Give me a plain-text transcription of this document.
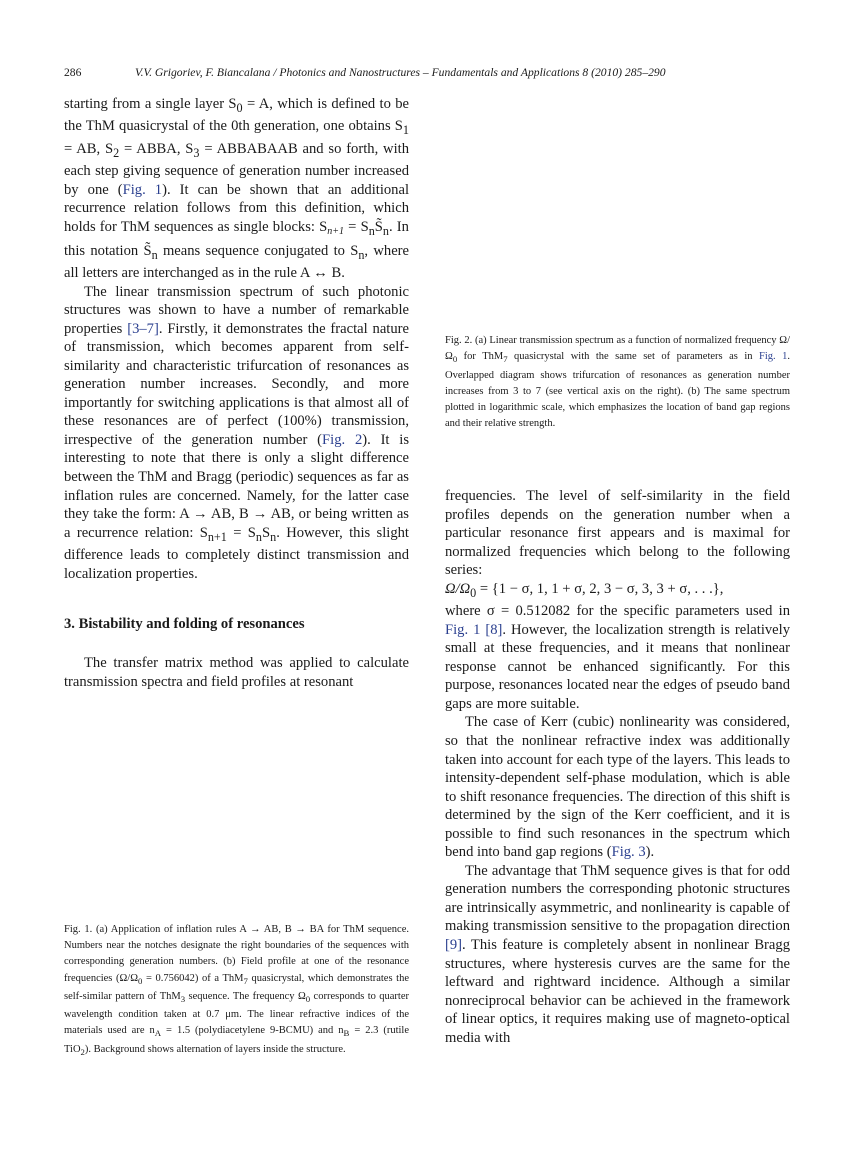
286	V.V. Grigoriev, F. Biancalana / Photonics and Nanostructures – Fundamentals and Applications 8 (2010) 285–290

starting from a single layer $S_0 = A$, which is defined to be the ThM quasicrystal of the 0th generation, one obtains $S_1$ = AB, $S_2$ = ABBA, $S_3$ = ABBABAAB and so forth, with each step giving sequence of generation number increased by one (Fig. 1). It can be shown that an additional recurrence relation follows from this definition, which holds for ThM sequences as single blocks: $S_{n+1}$ = $S_nS̃_n$. In this notation $S̃_n$ means sequence conjugated to $S_n$, where all letters are interchanged as in the rule A ↔ B.

The linear transmission spectrum of such photonic structures was shown to have a number of remarkable properties [3–7]. Firstly, it demonstrates the fractal nature of transmission, which becomes apparent from self-similarity and characteristic trifurcation of resonances as generation number increases. Secondly, and more importantly for switching applications is that almost all of these resonances are of perfect (100%) transmission, irrespective of the generation number (Fig. 2). It is interesting to note that there is only a slight difference between the ThM and Bragg (periodic) sequences as far as inflation rules are concerned. Namely, for the latter case they take the form: A → AB, B → AB, or being written as a recurrence relation: $S_{n+1} = S_nS_n$. However, this slight difference leads to completely distinct transmission and localization properties.

3. Bistability and folding of resonances

The transfer matrix method was applied to calculate transmission spectra and field profiles at resonant

Fig. 1. (a) Application of inflation rules A → AB, B → BA for ThM sequence. Numbers near the notches designate the right boundaries of the sequences with corresponding generation numbers. (b) Field profile at one of the resonance frequencies $(\Omega/\Omega_0 = 0.756042)$ of a ThM$_7$ quasicrystal, which demonstrates the self-similar pattern of ThM$_3$ sequence. The frequency $\Omega_0$ corresponds to quarter wavelength condition taken at 0.7 μm. The linear refractive indices of the materials used are $n_A = 1.5$ (polydiacetylene 9-BCMU) and $n_B = 2.3$ (rutile TiO$_2$). Background shows alternation of layers inside the structure.
Fig. 2. (a) Linear transmission spectrum as a function of normalized frequency $\Omega/\Omega_0$ for ThM$_7$ quasicrystal with the same set of parameters as in Fig. 1. Overlapped diagram shows trifurcation of resonances as generation number increases from 3 to 7 (see vertical axis on the right). (b) The same spectrum plotted in logarithmic scale, which emphasizes the location of band gap regions and their relative strength.

frequencies. The level of self-similarity in the field profiles depends on the generation number when a particular resonance first appears and is maximal for normalized frequencies which belong to the following series:
$\Omega/\Omega_0 = \{1 - \sigma$, 1, 1 + σ, 2, 3 − σ, 3, 3 + σ, . . .},
where σ = 0.512082 for the specific parameters used in Fig. 1 [8]. However, the localization strength is relatively small at these frequencies, and it means that nonlinear response cannot be enhanced significantly. For this purpose, resonances located near the edges of pseudo band gaps are more suitable.

The case of Kerr (cubic) nonlinearity was considered, so that the nonlinear refractive index was additionally taken into account for each type of the layers. This leads to intensity-dependent self-phase modulation, which is able to shift resonance frequencies. The direction of this shift is determined by the sign of the Kerr coefficient, and it is possible to find such resonances in the spectrum which bend into band gap regions (Fig. 3).

The advantage that ThM sequence gives is that for odd generation numbers the corresponding photonic structures are intrinsically asymmetric, and nonlinearity is capable of making transmission sensitive to the propagation direction [9]. This feature is completely absent in nonlinear Bragg structures, where hysteresis curves are the same for the leftward and rightward incidence. Although a similar nonreciprocal behavior can be achieved in the framework of linear optics, it requires making use of magneto-optical media with
